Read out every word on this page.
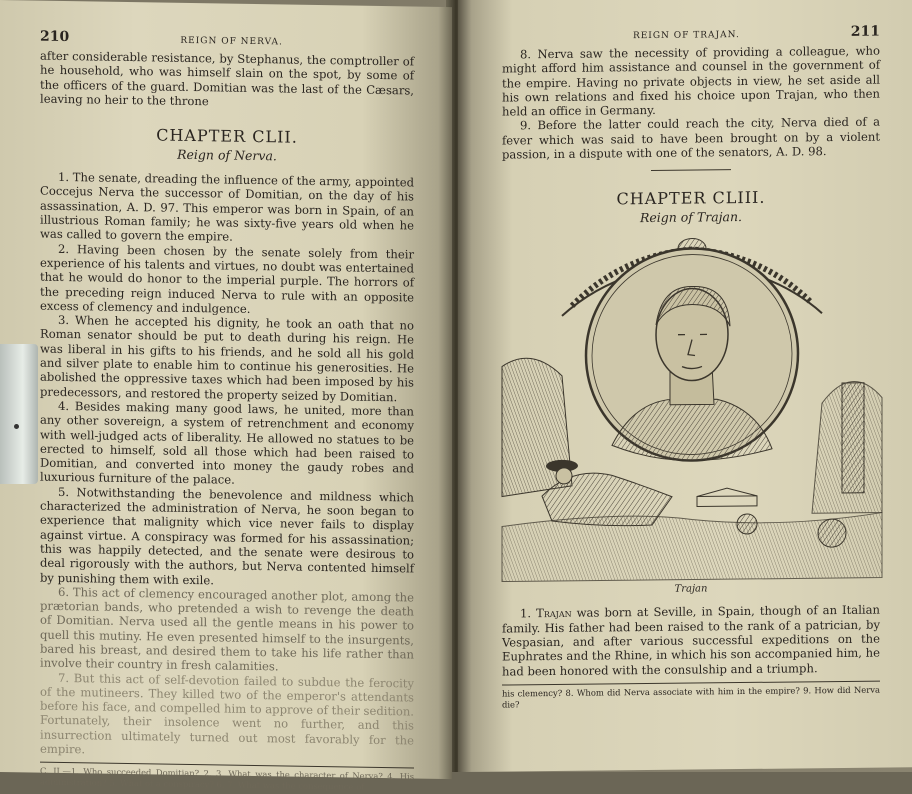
210	REIGN OF NERVA.

after considerable resistance, by Stephanus, the comptroller of he household, who was himself slain on the spot, by some of the officers of the guard. Domitian was the last of the Cæsars, leaving no heir to the throne

CHAPTER CLII.
Reign of Nerva.

1. The senate, dreading the influence of the army, appointed Coccejus Nerva the successor of Domitian, on the day of his assassination, A. D. 97. This emperor was born in Spain, of an illustrious Roman family; he was sixty-five years old when he was called to govern the empire.

2. Having been chosen by the senate solely from their experience of his talents and virtues, no doubt was entertained that he would do honor to the imperial purple. The horrors of the preceding reign induced Nerva to rule with an opposite excess of clemency and indulgence.

3. When he accepted his dignity, he took an oath that no Roman senator should be put to death during his reign. He was liberal in his gifts to his friends, and he sold all his gold and silver plate to enable him to continue his generosities. He abolished the oppressive taxes which had been imposed by his predecessors, and restored the property seized by Domitian.

4. Besides making many good laws, he united, more than any other sovereign, a system of retrenchment and economy with well-judged acts of liberality. He allowed no statues to be erected to himself, sold all those which had been raised to Domitian, and converted into money the gaudy robes and luxurious furniture of the palace.

5. Notwithstanding the benevolence and mildness which characterized the administration of Nerva, he soon began to experience that malignity which vice never fails to display against virtue. A conspiracy was formed for his assassination; this was happily detected, and the senate were desirous to deal rigorously with the authors, but Nerva contented himself by punishing them with exile.

6. This act of clemency encouraged another plot, among the prætorian bands, who pretended a wish to revenge the death of Domitian. Nerva used all the gentle means in his power to quell this mutiny. He even presented himself to the insurgents, bared his breast, and desired them to take his life rather than involve their country in fresh calamities.

7. But this act of self-devotion failed to subdue the ferocity of the mutineers. They killed two of the emperor's attendants before his face, and compelled him to approve of their sedition. Fortunately, their insolence went no further, and this insurrection ultimately turned out most favorably for the empire.

C. II.—1. Who succeeded Domitian? 2, 3. What was the character of Nerva? 4. His administration? 5. What of a conspiracy? 6, 7. What was the consequence of
REIGN OF TRAJAN.	211

8. Nerva saw the necessity of providing a colleague, who might afford him assistance and counsel in the government of the empire. Having no private objects in view, he set aside all his own relations and fixed his choice upon Trajan, who then held an office in Germany.

9. Before the latter could reach the city, Nerva died of a fever which was said to have been brought on by a violent passion, in a dispute with one of the senators, A. D. 98.

CHAPTER CLIII.
Reign of Trajan.
Trajan

1. Trajan was born at Seville, in Spain, though of an Italian family. His father had been raised to the rank of a patrician, by Vespasian, and after various successful expeditions on the Euphrates and the Rhine, in which his son accompanied him, he had been honored with the consulship and a triumph.

his clemency? 8. Whom did Nerva associate with him in the empire? 9. How did Nerva die?
